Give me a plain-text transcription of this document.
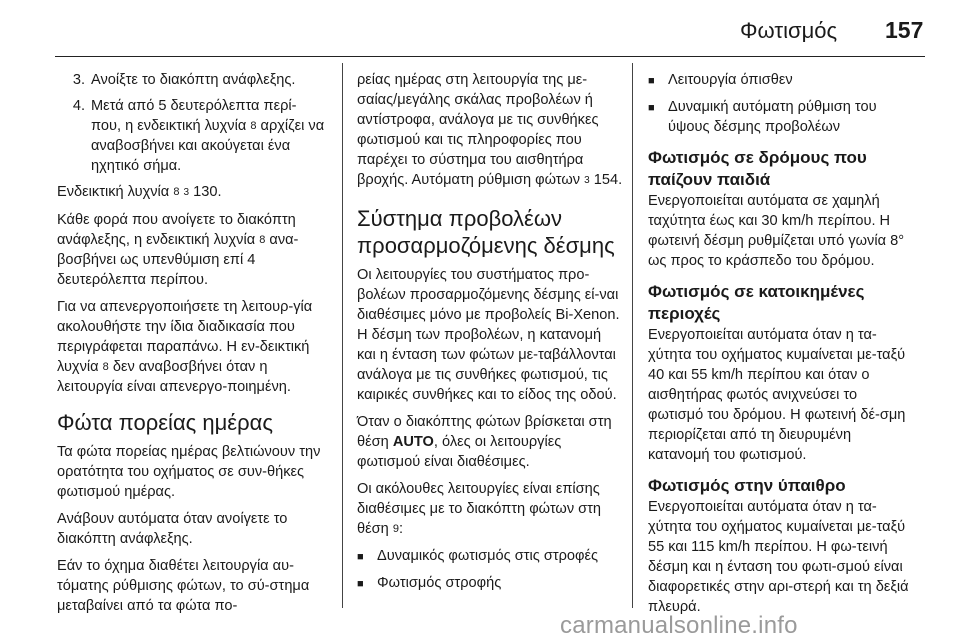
Φωτισμός 157
3. Ανοίξτε το διακόπτη ανάφλεξης.
4. Μετά από 5 δευτερόλεπτα περί-που, η ενδεικτική λυχνία 8 αρχίζει να αναβοσβήνει και ακούγεται ένα ηχητικό σήμα.

Ενδεικτική λυχνία 8 3 130.

Κάθε φορά που ανοίγετε το διακόπτη ανάφλεξης, η ενδεικτική λυχνία 8 ανα-βοσβήνει ως υπενθύμιση επί 4 δευτερόλεπτα περίπου.

Για να απενεργοποιήσετε τη λειτουρ-γία ακολουθήστε την ίδια διαδικασία που περιγράφεται παραπάνω. Η εν-δεικτική λυχνία 8 δεν αναβοσβήνει όταν η λειτουργία είναι απενεργο-ποιημένη.

Φώτα πορείας ημέρας

Τα φώτα πορείας ημέρας βελτιώνουν την ορατότητα του οχήματος σε συν-θήκες φωτισμού ημέρας.

Ανάβουν αυτόματα όταν ανοίγετε το διακόπτη ανάφλεξης.

Εάν το όχημα διαθέτει λειτουργία αυ-τόματης ρύθμισης φώτων, το σύ-στημα μεταβαίνει από τα φώτα πο-

ρείας ημέρας στη λειτουργία της με-σαίας/μεγάλης σκάλας προβολέων ή αντίστροφα, ανάλογα με τις συνθήκες φωτισμού και τις πληροφορίες που παρέχει το σύστημα του αισθητήρα βροχής. Αυτόματη ρύθμιση φώτων 3 154.

Σύστημα προβολέων προσαρμοζόμενης δέσμης

Οι λειτουργίες του συστήματος προ-βολέων προσαρμοζόμενης δέσμης εί-ναι διαθέσιμες μόνο με προβολείς Bi-Xenon. Η δέσμη των προβολέων, η κατανομή και η ένταση των φώτων με-ταβάλλονται ανάλογα με τις συνθήκες φωτισμού, τις καιρικές συνθήκες και το είδος της οδού.

Όταν ο διακόπτης φώτων βρίσκεται στη θέση AUTO, όλες οι λειτουργίες φωτισμού είναι διαθέσιμες.

Οι ακόλουθες λειτουργίες είναι επίσης διαθέσιμες με το διακόπτη φώτων στη θέση 9:

■ Δυναμικός φωτισμός στις στροφές
■ Φωτισμός στροφής
■ Λειτουργία όπισθεν
■ Δυναμική αυτόματη ρύθμιση του ύψους δέσμης προβολέων
Φωτισμός σε δρόμους που παίζουν παιδιά

Ενεργοποιείται αυτόματα σε χαμηλή ταχύτητα έως και 30 km/h περίπου. Η φωτεινή δέσμη ρυθμίζεται υπό γωνία 8° ως προς το κράσπεδο του δρόμου.

Φωτισμός σε κατοικημένες περιοχές

Ενεργοποιείται αυτόματα όταν η τα-χύτητα του οχήματος κυμαίνεται με-ταξύ 40 και 55 km/h περίπου και όταν ο αισθητήρας φωτός ανιχνεύσει το φωτισμό του δρόμου. Η φωτεινή δέ-σμη περιορίζεται από τη διευρυμένη κατανομή του φωτισμού.

Φωτισμός στην ύπαιθρο

Ενεργοποιείται αυτόματα όταν η τα-χύτητα του οχήματος κυμαίνεται με-ταξύ 55 και 115 km/h περίπου. Η φω-τεινή δέσμη και η ένταση του φωτι-σμού είναι διαφορετικές στην αρι-στερή και τη δεξιά πλευρά.

carmanualsonline.info
